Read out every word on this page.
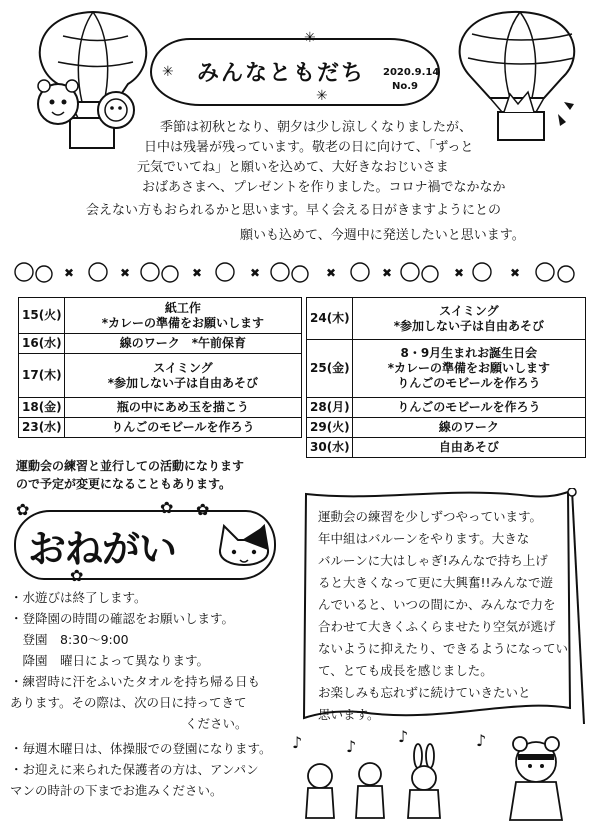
✳
✳
✳
みんなともだち 2020.9.14
No.9
季節は初秋となり、朝夕は少し涼しくなりましたが、
日中は残暑が残っています。敬老の日に向けて、「ずっと
元気でいてね」と願いを込めて、大好きなおじいさま
おばあさまへ、プレゼントを作りました。コロナ禍でなかなか
会えない方もおられるかと思います。早く会える日がきますようにとの
願いも込めて、今週中に発送したいと思います。
✖	✖	✖	✖	✖	✖	✖	✖
15(火)	紙工作
*カレーの準備をお願いします

16(水)	線のワーク　*午前保育

17(木)	スイミング
*参加しない子は自由あそび

18(金)	瓶の中にあめ玉を描こう

23(水)	りんごのモビールを作ろう
24(木)	スイミング
*参加しない子は自由あそび

25(金)	8・9月生まれお誕生日会
*カレーの準備をお願いします
りんごのモビールを作ろう

28(月)	りんごのモビールを作ろう

29(火)	線のワーク

30(水)	自由あそび
運動会の練習と並行しての活動になります
ので予定が変更になることもあります。
✿	✿ ✿
✿
おねがい
・水遊びは終了します。
・登降園の時間の確認をお願いします。
　登園　8:30～9:00
　降園　曜日によって異なります。
・練習時に汗をふいたタオルを持ち帰る日も
あります。その際は、次の日に持ってきて
　　　　　　　　　　　　　　ください。
・毎週木曜日は、体操服での登園になります。
・お迎えに来られた保護者の方は、アンパン
マンの時計の下までお進みください。
運動会の練習を少しずつやっています。
年中組はバルーンをやります。大きな
バルーンに大はしゃぎ!みんなで持ち上げ
ると大きくなって更に大興奮!!みんなで遊
んでいると、いつの間にか、みんなで力を
合わせて大きくふくらませたり空気が逃げ
ないように抑えたり、できるようになってい
て、とても成長を感じました。
お楽しみも忘れずに続けていきたいと
思います。
♪	♪
♪	♪
